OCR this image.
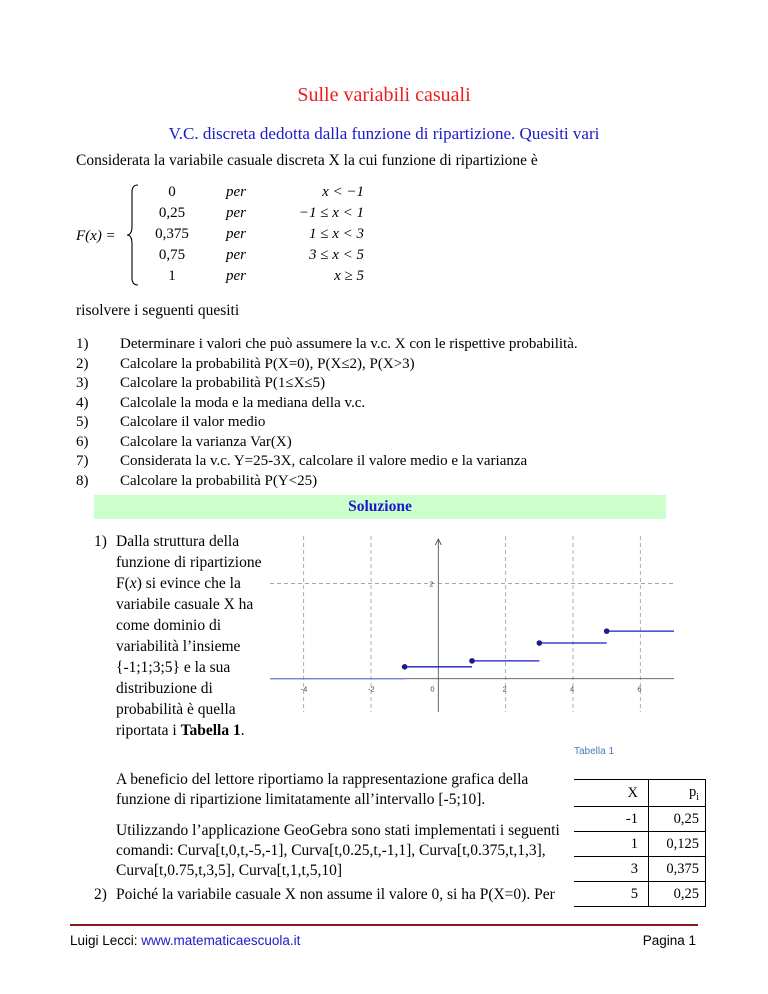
Sulle variabili casuali
V.C. discreta dedotta dalla funzione di ripartizione. Quesiti vari
Considerata la variabile casuale discreta X la cui funzione di ripartizione è
F(x) =
0	per	x < −1
0,25	per	−1 ≤ x < 1
0,375	per	1 ≤ x < 3
0,75	per	3 ≤ x < 5
1	per	x ≥ 5
risolvere i seguenti quesiti
1) Determinare i valori che può assumere la v.c. X con le rispettive probabilità.
2) Calcolare la probabilità P(X=0), P(X≤2), P(X>3)
3) Calcolare la probabilità P(1≤X≤5)
4) Calcolale la moda e la mediana della v.c.
5) Calcolare il valor medio
6) Calcolare la varianza Var(X)
7) Considerata la v.c. Y=25-3X, calcolare il valore medio e la varianza
8) Calcolare la probabilità P(Y<25)
Soluzione
1) Dalla struttura della funzione di ripartizione F(x) si evince che la variabile casuale X ha come dominio di variabilità l’insieme {-1;1;3;5} e la sua distribuzione di probabilità è quella riportata i Tabella 1.
-4	-2	0	2	4	6
2
Tabella 1
X	$p_i$
-1	0,25
1	0,125
3	0,375
5	0,25
A beneficio del lettore riportiamo la rappresentazione grafica della funzione di ripartizione limitatamente all’intervallo [-5;10].
Utilizzando l’applicazione GeoGebra sono stati implementati i seguenti comandi: Curva[t,0,t,-5,-1], Curva[t,0.25,t,-1,1], Curva[t,0.375,t,1,3], Curva[t,0.75,t,3,5], Curva[t,1,t,5,10]
2) Poiché la variabile casuale X non assume il valore 0, si ha P(X=0). Per
Luigi Lecci: www.matematicaescuola.it	Pagina 1
